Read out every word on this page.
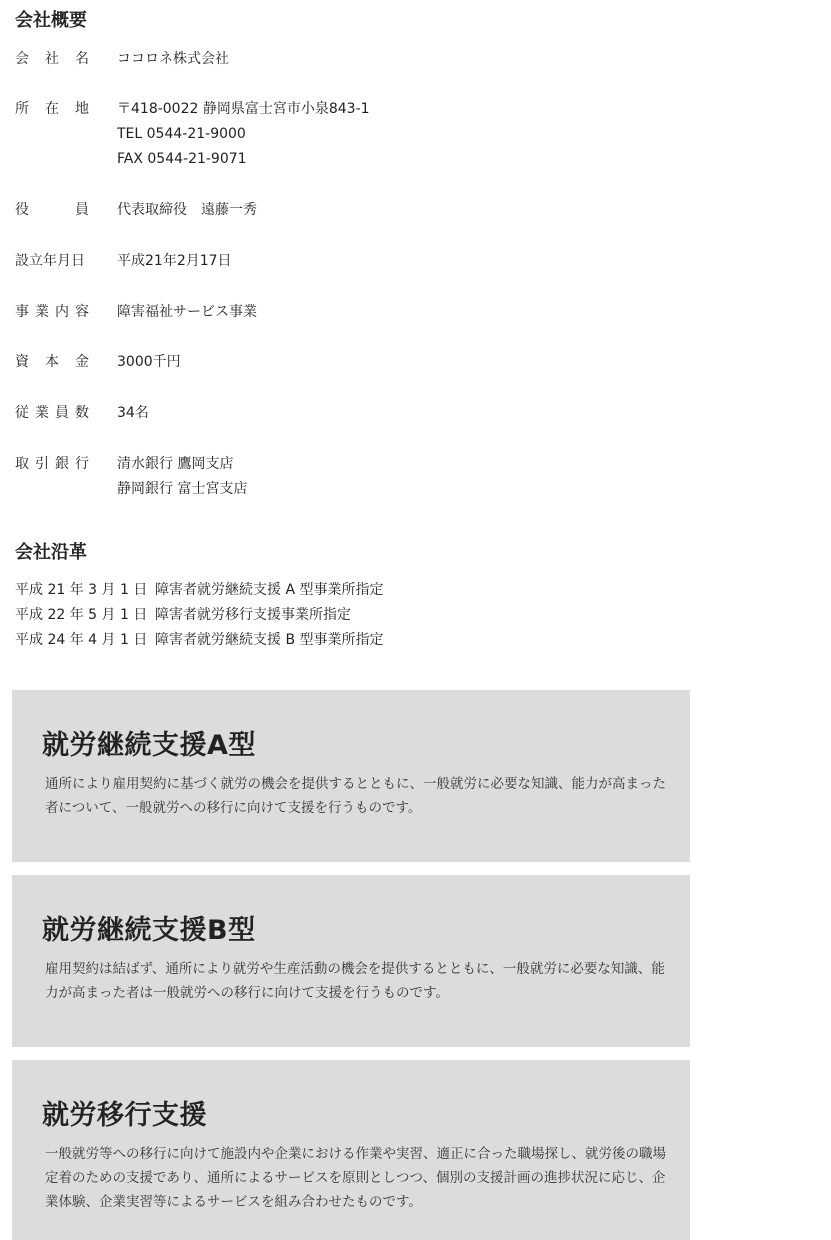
会社概要
会 社 名 ココロネ株式会社
所 在 地 〒418-0022 静岡県富士宮市小泉843-1
TEL 0544-21-9000
FAX 0544-21-9071
役	員 代表取締役　遠藤一秀
設立年月日 平成21年2月17日
事 業 内 容 障害福祉サービス事業
資 本 金 3000千円
従 業 員 数 34名
取 引 銀 行 清水銀行 鷹岡支店
静岡銀行 富士宮支店
会社沿革
平成 21 年 3 月 1 日 障害者就労継続支援 A 型事業所指定
平成 22 年 5 月 1 日 障害者就労移行支援事業所指定
平成 24 年 4 月 1 日 障害者就労継続支援 B 型事業所指定
就労継続支援A型

通所により雇用契約に基づく就労の機会を提供するとともに、一般就労に必要な知識、能力が高まった者について、一般就労への移行に向けて支援を行うものです。

就労継続支援B型

雇用契約は結ばず、通所により就労や生産活動の機会を提供するとともに、一般就労に必要な知識、能力が高まった者は一般就労への移行に向けて支援を行うものです。

就労移行支援

一般就労等への移行に向けて施設内や企業における作業や実習、適正に合った職場探し、就労後の職場定着のための支援であり、通所によるサービスを原則としつつ、個別の支援計画の進捗状況に応じ、企業体験、企業実習等によるサービスを組み合わせたものです。
